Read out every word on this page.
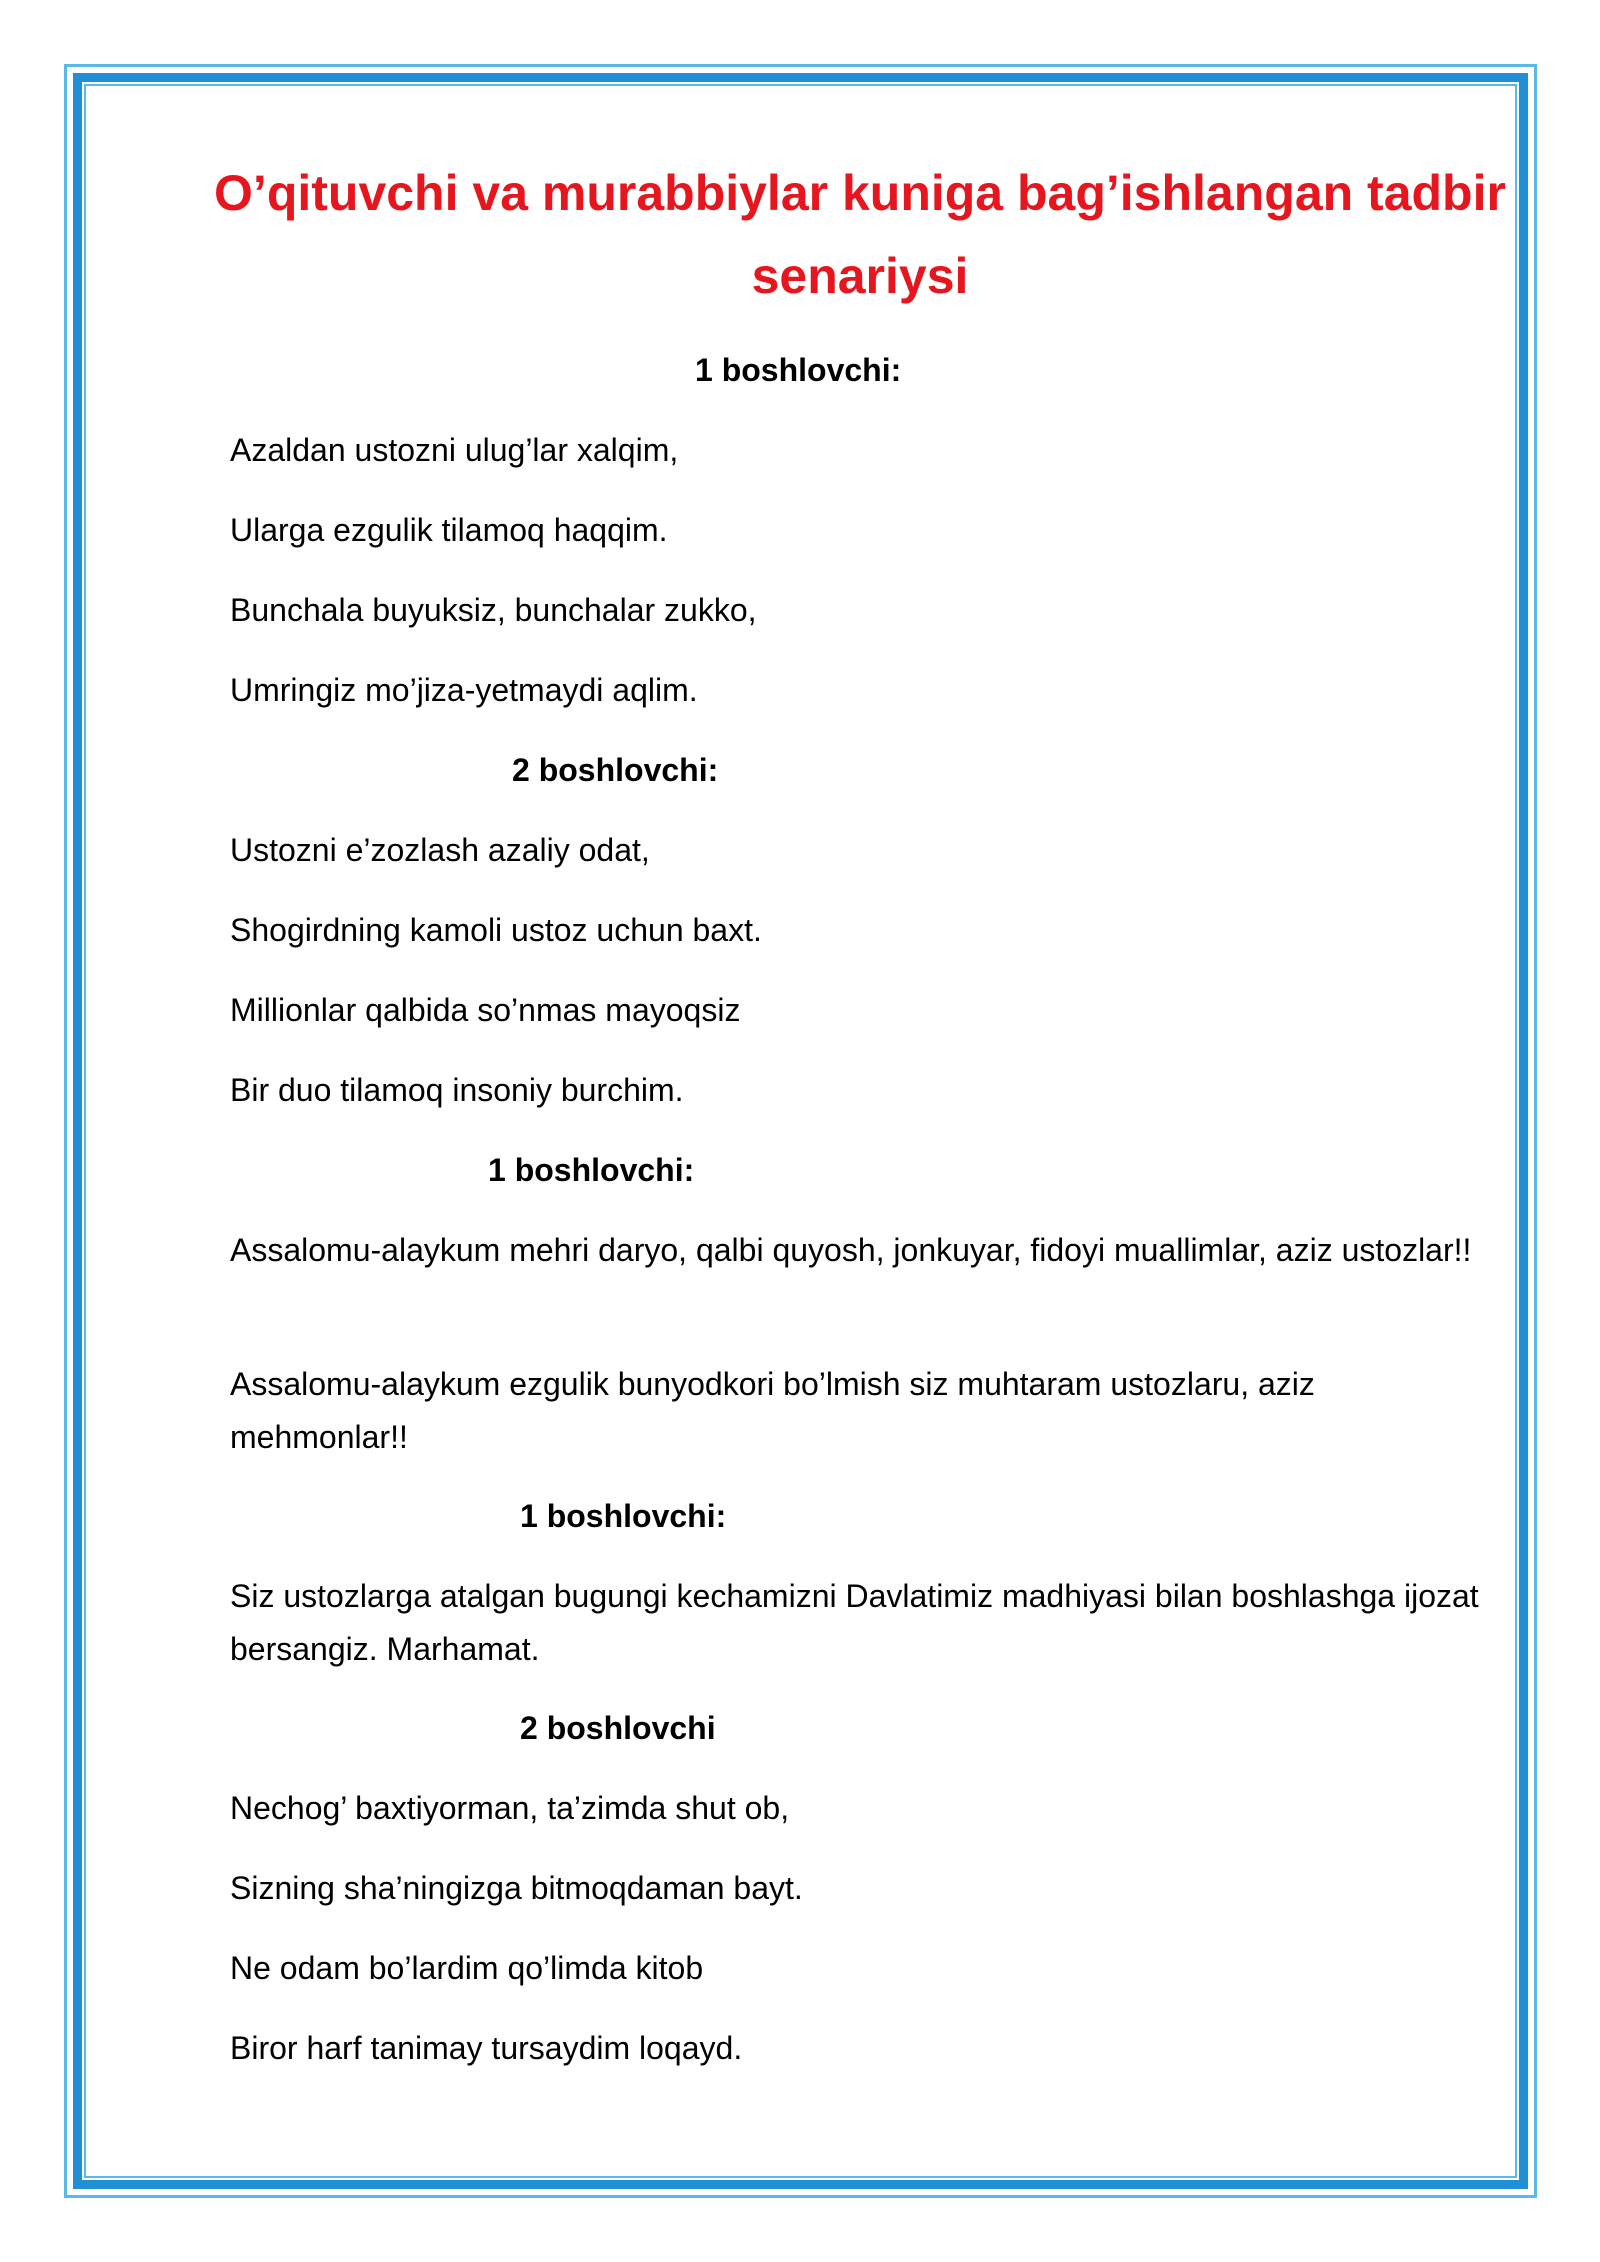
O’qituvchi va murabbiylar kuniga bag’ishlangan tadbir senariysi

1 boshlovchi:

Azaldan ustozni ulug’lar xalqim,

Ularga ezgulik tilamoq haqqim.

Bunchala buyuksiz, bunchalar zukko,

Umringiz mo’jiza-yetmaydi aqlim.

2 boshlovchi:

Ustozni e’zozlash azaliy odat,

Shogirdning kamoli ustoz uchun baxt.

Millionlar qalbida so’nmas mayoqsiz

Bir duo tilamoq insoniy burchim.

1 boshlovchi:

Assalomu-alaykum mehri daryo, qalbi quyosh, jonkuyar, fidoyi muallimlar, aziz ustozlar!!

Assalomu-alaykum ezgulik bunyodkori bo’lmish siz muhtaram ustozlaru, aziz mehmonlar!!

1 boshlovchi:

Siz ustozlarga atalgan bugungi kechamizni Davlatimiz madhiyasi bilan boshlashga ijozat bersangiz. Marhamat.

2 boshlovchi

Nechog’ baxtiyorman, ta’zimda shut ob,

Sizning sha’ningizga bitmoqdaman bayt.

Ne odam bo’lardim qo’limda kitob

Biror harf tanimay tursaydim loqayd.
